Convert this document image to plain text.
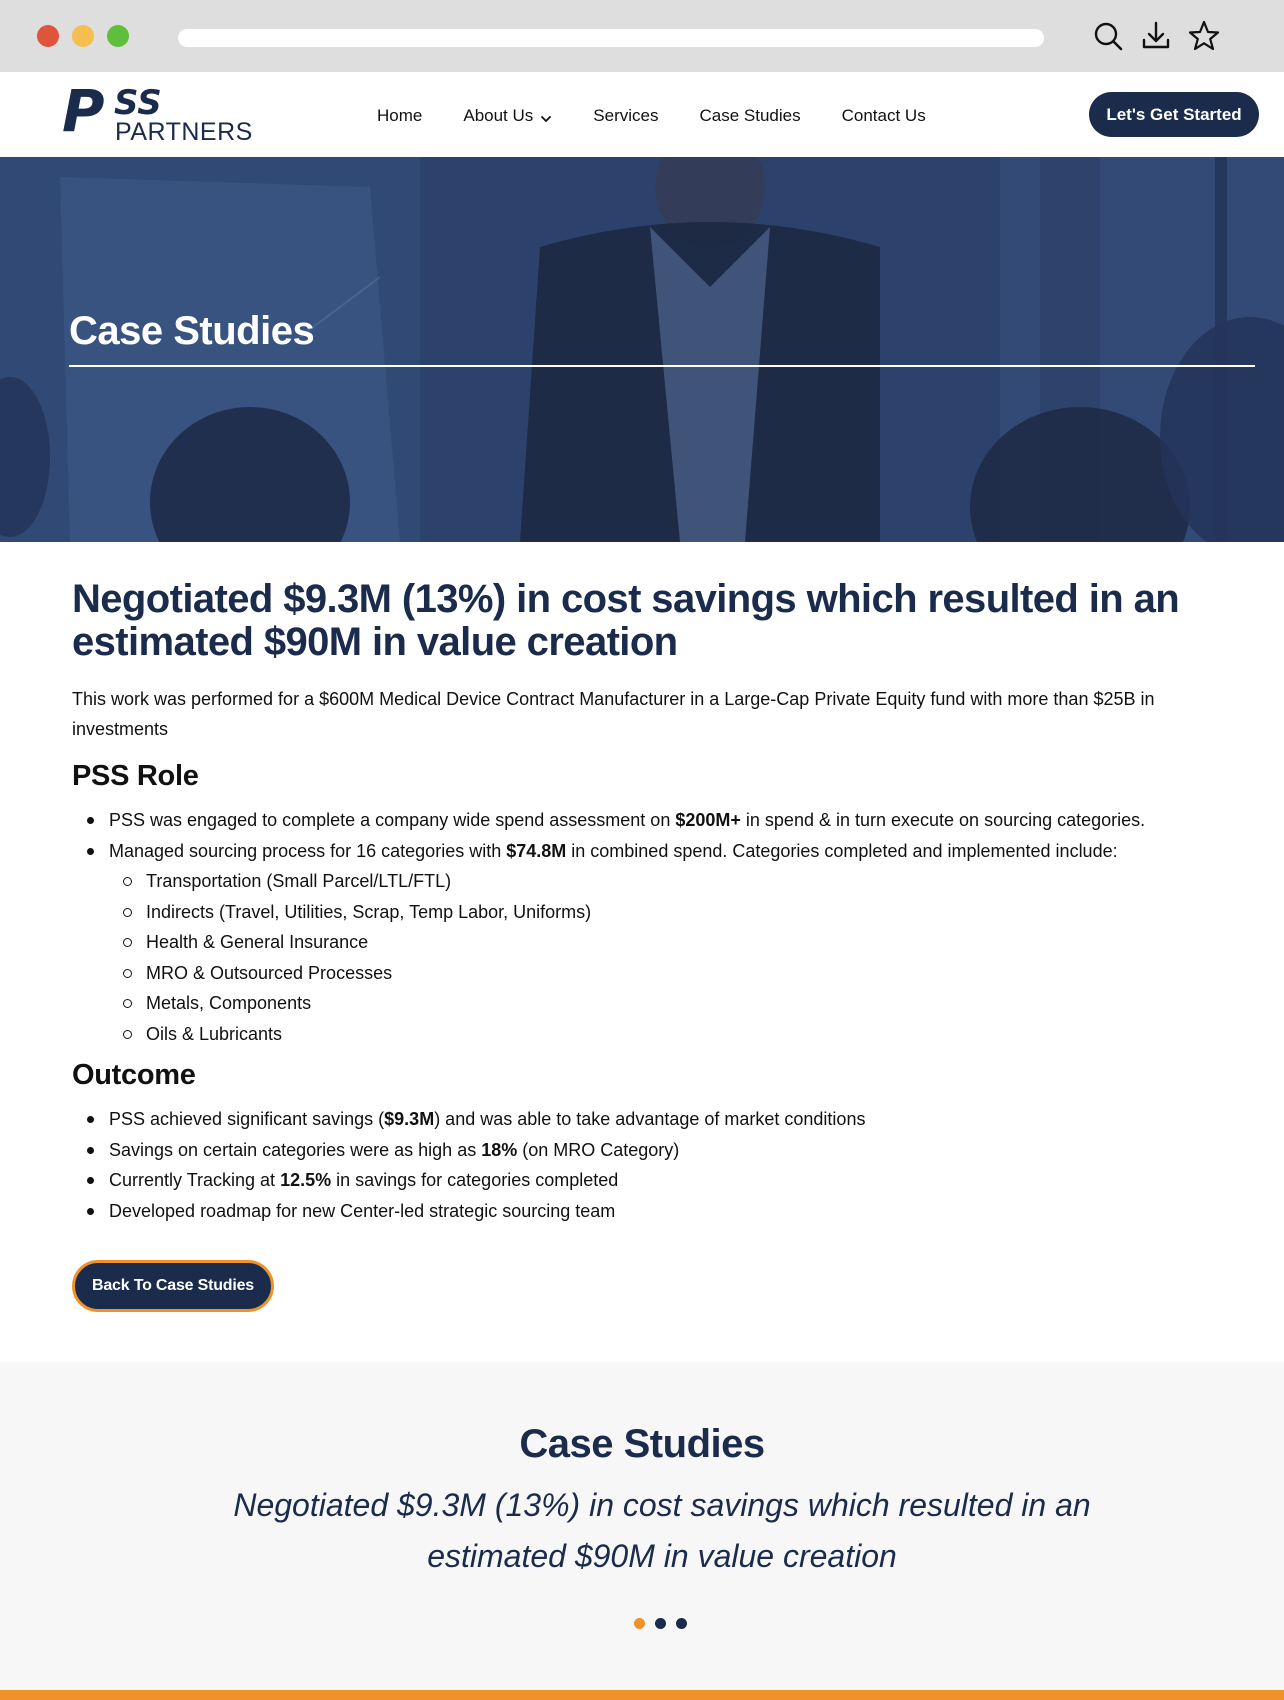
P SS
PARTNERS
Home About Us	Services Case Studies Contact Us	Let's Get Started
Case Studies
Negotiated $9.3M (13%) in cost savings which resulted in an estimated $90M in value creation

This work was performed for a $600M Medical Device Contract Manufacturer in a Large-Cap Private Equity fund with more than $25B in investments

PSS Role
PSS was engaged to complete a company wide spend assessment on $200M+ in spend & in turn execute on sourcing categories.
Managed sourcing process for 16 categories with $74.8M in combined spend. Categories completed and implemented include:
Transportation (Small Parcel/LTL/FTL)
Indirects (Travel, Utilities, Scrap, Temp Labor, Uniforms)
Health & General Insurance
MRO & Outsourced Processes
Metals, Components
Oils & Lubricants
Outcome
PSS achieved significant savings ($9.3M) and was able to take advantage of market conditions
Savings on certain categories were as high as 18% (on MRO Category)
Currently Tracking at 12.5% in savings for categories completed
Developed roadmap for new Center-led strategic sourcing team
Back To Case Studies
Case Studies
Negotiated $9.3M (13%) in cost savings which resulted in an estimated $90M in value creation
